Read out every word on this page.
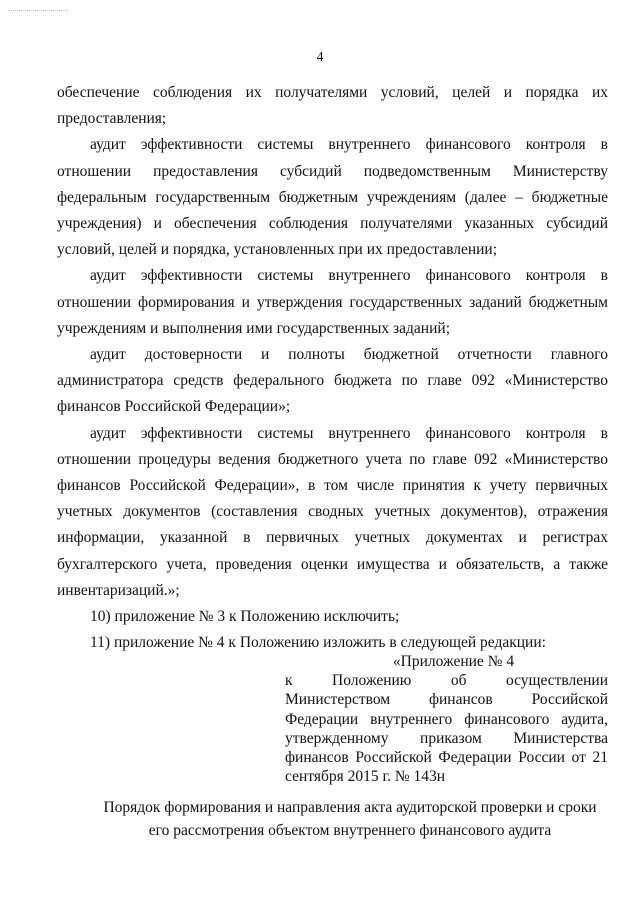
4

обеспечение соблюдения их получателями условий, целей и порядка их предоставления;

аудит эффективности системы внутреннего финансового контроля в отношении предоставления субсидий подведомственным Министерству федеральным государственным бюджетным учреждениям (далее – бюджетные учреждения) и обеспечения соблюдения получателями указанных субсидий условий, целей и порядка, установленных при их предоставлении;

аудит эффективности системы внутреннего финансового контроля в отношении формирования и утверждения государственных заданий бюджетным учреждениям и выполнения ими государственных заданий;

аудит достоверности и полноты бюджетной отчетности главного администратора средств федерального бюджета по главе 092 «Министерство финансов Российской Федерации»;

аудит эффективности системы внутреннего финансового контроля в отношении процедуры ведения бюджетного учета по главе 092 «Министерство финансов Российской Федерации», в том числе принятия к учету первичных учетных документов (составления сводных учетных документов), отражения информации, указанной в первичных учетных документах и регистрах бухгалтерского учета, проведения оценки имущества и обязательств, а также инвентаризаций.»;

10) приложение № 3 к Положению исключить;

11) приложение № 4 к Положению изложить в следующей редакции:

«Приложение № 4
к Положению об осуществлении Министерством финансов Российской Федерации внутреннего финансового аудита, утвержденному приказом Министерства финансов Российской Федерации России от 21 сентября 2015 г. № 143н
Порядок формирования и направления акта аудиторской проверки и сроки
его рассмотрения объектом внутреннего финансового аудита
